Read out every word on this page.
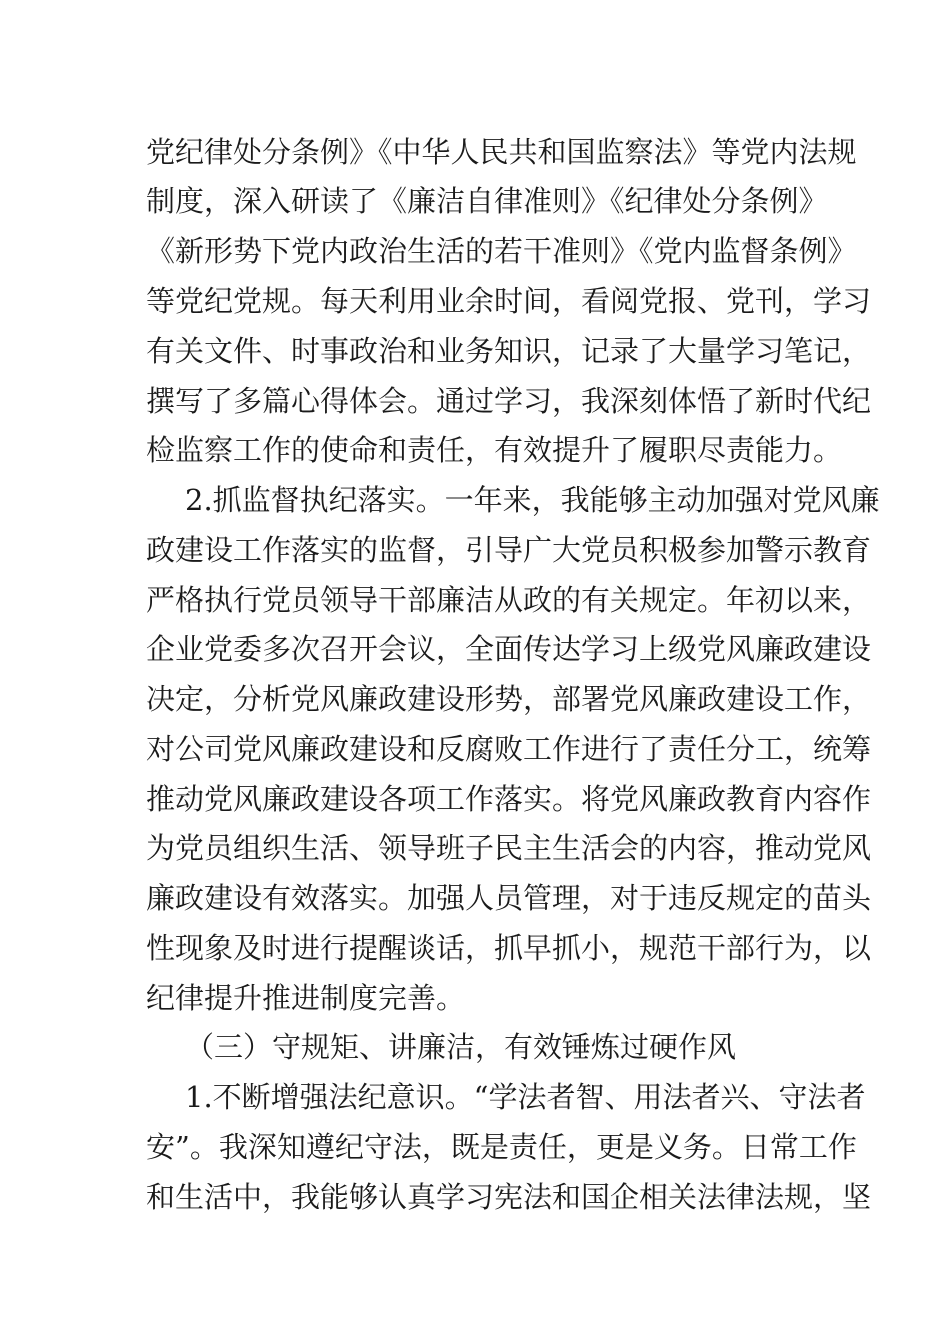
党纪律处分条例》《中华人民共和国监察法》等党内法规
制度，深入研读了《廉洁自律准则》《纪律处分条例》
《新形势下党内政治生活的若干准则》《党内监督条例》
等党纪党规。每天利用业余时间，看阅党报、党刊，学习
有关文件、时事政治和业务知识，记录了大量学习笔记，
撰写了多篇心得体会。通过学习，我深刻体悟了新时代纪
检监察工作的使命和责任，有效提升了履职尽责能力。
2.抓监督执纪落实。一年来，我能够主动加强对党风廉
政建设工作落实的监督，引导广大党员积极参加警示教育
严格执行党员领导干部廉洁从政的有关规定。年初以来，
企业党委多次召开会议，全面传达学习上级党风廉政建设
决定，分析党风廉政建设形势，部署党风廉政建设工作，
对公司党风廉政建设和反腐败工作进行了责任分工，统筹
推动党风廉政建设各项工作落实。将党风廉政教育内容作
为党员组织生活、领导班子民主生活会的内容，推动党风
廉政建设有效落实。加强人员管理，对于违反规定的苗头
性现象及时进行提醒谈话，抓早抓小，规范干部行为，以
纪律提升推进制度完善。
（三）守规矩、讲廉洁，有效锤炼过硬作风
1.不断增强法纪意识。“学法者智、用法者兴、守法者
安”。我深知遵纪守法，既是责任，更是义务。日常工作
和生活中，我能够认真学习宪法和国企相关法律法规，坚
